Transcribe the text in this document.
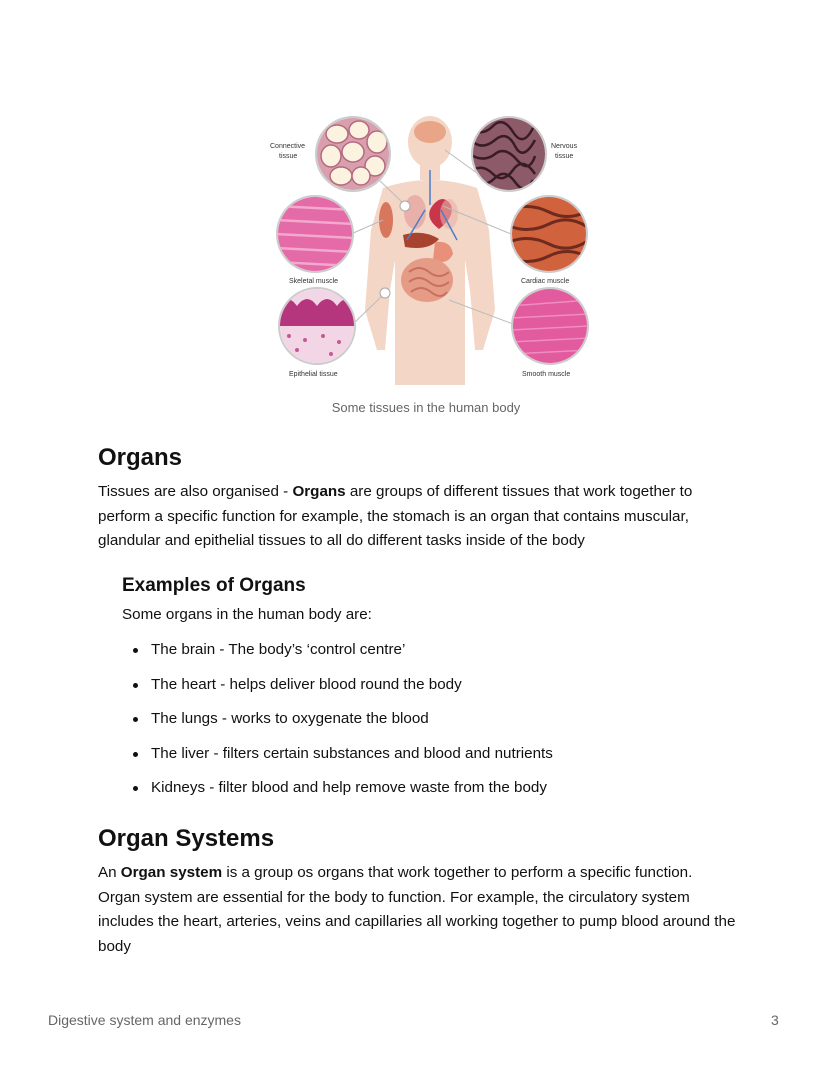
Connective
tissue
Nervous
tissue
Skeletal muscle	Cardiac muscle
Epithelial tissue	Smooth muscle
Some tissues in the human body
Organs

Tissues are also organised - Organs are groups of different tissues that work together to perform a specific function for example, the stomach is an organ that contains muscular, glandular and epithelial tissues to all do different tasks inside of the body

Examples of Organs

Some organs in the human body are:

The brain - The body’s ‘control centre’
The heart - helps deliver blood round the body
The lungs - works to oxygenate the blood
The liver - filters certain substances and blood and nutrients
Kidneys - filter blood and help remove waste from the body
Organ Systems

An Organ system is a group os organs that work together to perform a specific function. Organ system are essential for the body to function. For example, the circulatory system includes the heart, arteries, veins and capillaries all working together to pump blood around the body

Digestive system and enzymes	3
